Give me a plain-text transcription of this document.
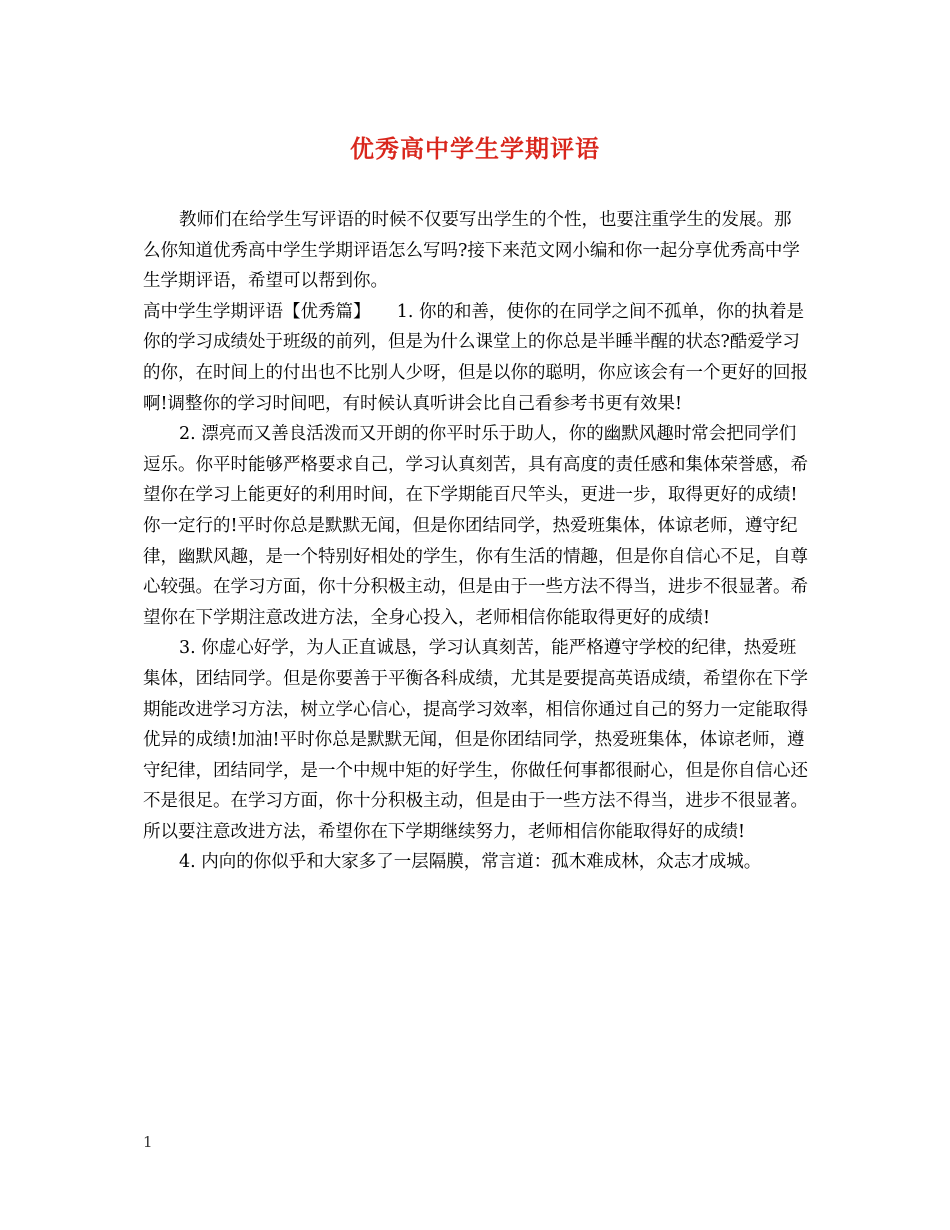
优秀高中学生学期评语

教师们在给学生写评语的时候不仅要写出学生的个性，也要注重学生的发展。那么你知道优秀高中学生学期评语怎么写吗?接下来范文网小编和你一起分享优秀高中学生学期评语，希望可以帮到你。

高中学生学期评语【优秀篇】　　1. 你的和善，使你的在同学之间不孤单，你的执着是你的学习成绩处于班级的前列，但是为什么课堂上的你总是半睡半醒的状态?酷爱学习的你，在时间上的付出也不比别人少呀，但是以你的聪明，你应该会有一个更好的回报啊!调整你的学习时间吧，有时候认真听讲会比自己看参考书更有效果!

2. 漂亮而又善良活泼而又开朗的你平时乐于助人，你的幽默风趣时常会把同学们逗乐。你平时能够严格要求自己，学习认真刻苦，具有高度的责任感和集体荣誉感，希望你在学习上能更好的利用时间，在下学期能百尺竿头，更进一步，取得更好的成绩!你一定行的!平时你总是默默无闻，但是你团结同学，热爱班集体，体谅老师，遵守纪律，幽默风趣，是一个特别好相处的学生，你有生活的情趣，但是你自信心不足，自尊心较强。在学习方面，你十分积极主动，但是由于一些方法不得当，进步不很显著。希望你在下学期注意改进方法，全身心投入，老师相信你能取得更好的成绩!

3. 你虚心好学，为人正直诚恳，学习认真刻苦，能严格遵守学校的纪律，热爱班集体，团结同学。但是你要善于平衡各科成绩，尤其是要提高英语成绩，希望你在下学期能改进学习方法，树立学心信心，提高学习效率，相信你通过自己的努力一定能取得优异的成绩!加油!平时你总是默默无闻，但是你团结同学，热爱班集体，体谅老师，遵守纪律，团结同学，是一个中规中矩的好学生，你做任何事都很耐心，但是你自信心还不是很足。在学习方面，你十分积极主动，但是由于一些方法不得当，进步不很显著。所以要注意改进方法，希望你在下学期继续努力，老师相信你能取得好的成绩!

4. 内向的你似乎和大家多了一层隔膜，常言道：孤木难成林，众志才成城。

1
